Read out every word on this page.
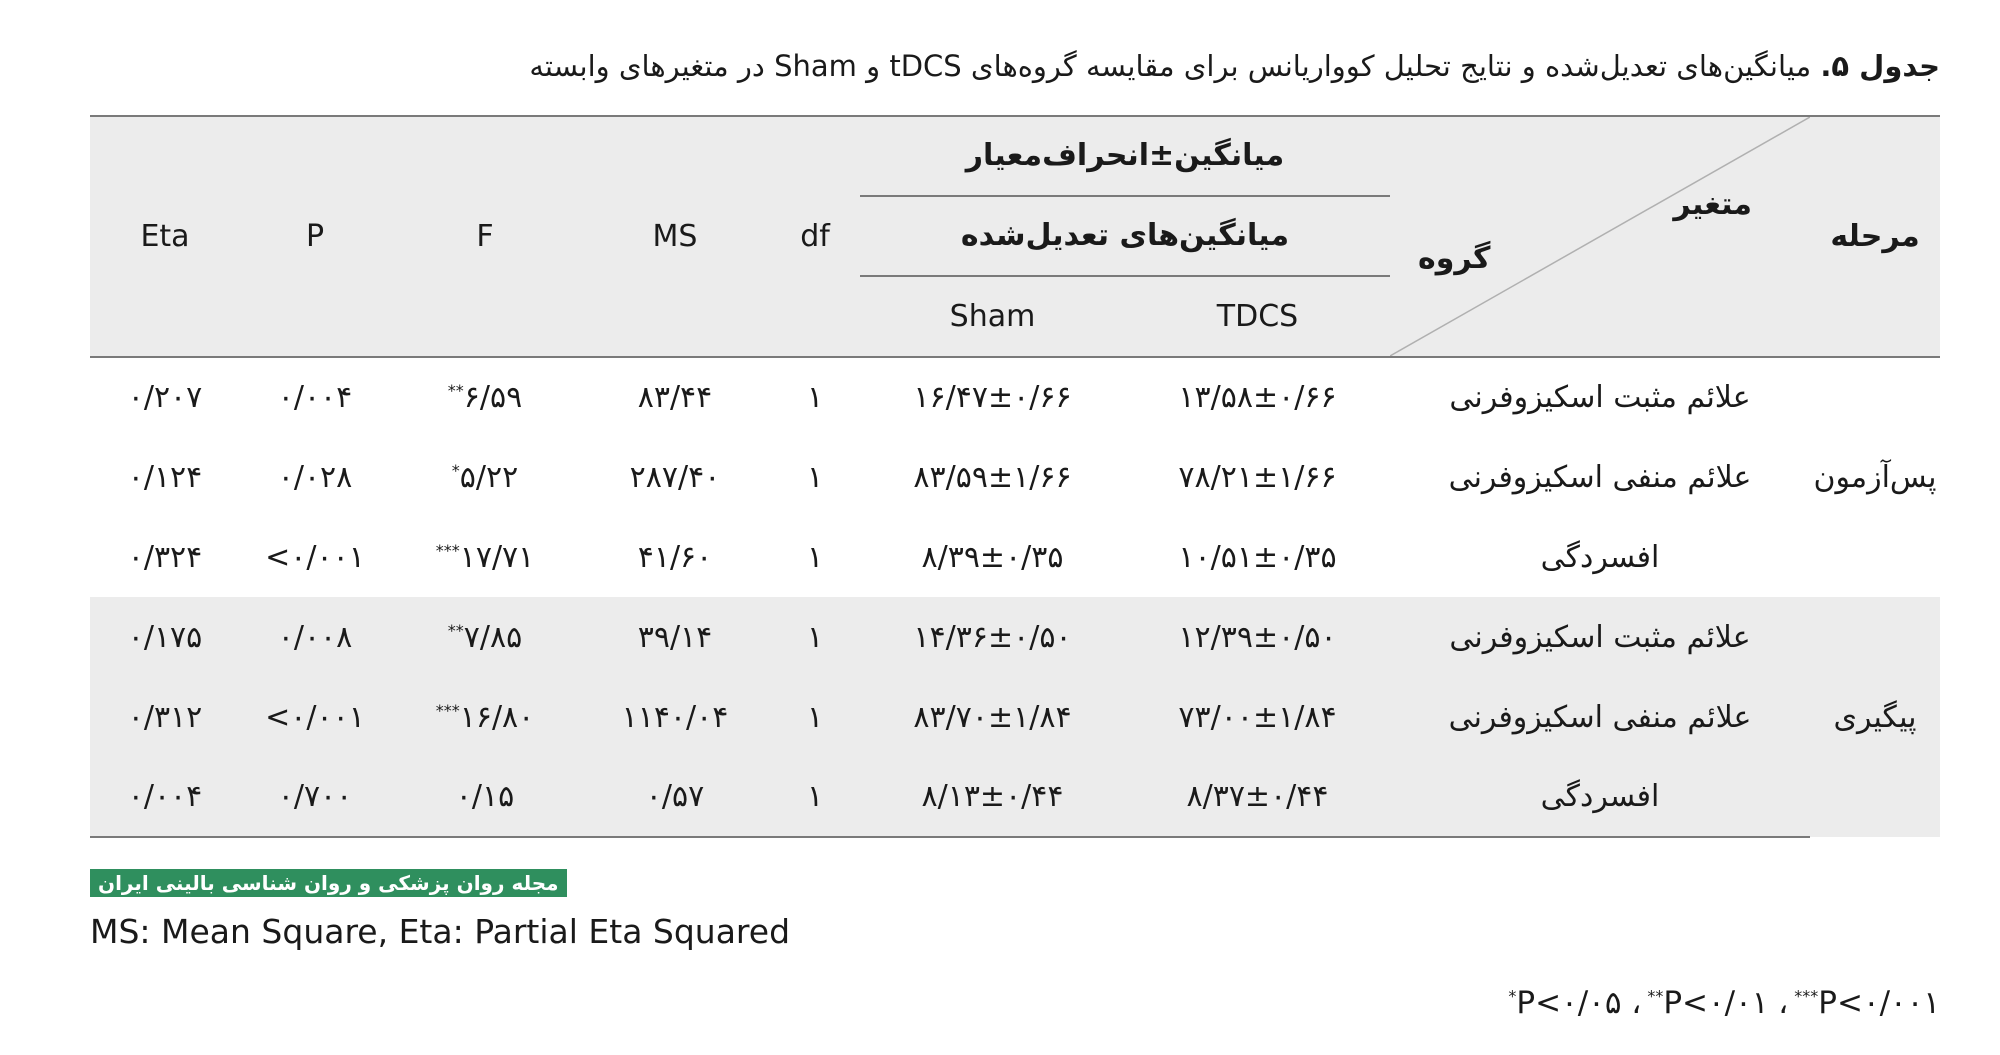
جدول ۵. میانگین‌های تعدیل‌شده و نتایج تحلیل کوواریانس برای مقایسه گروه‌های tDCS و Sham در متغیرهای وابسته
مرحله	متغیر
گروه	میانگین±انحراف‌معیار		df	MS	F	P	Eta

		میانگین‌های تعدیل‌شده						

		TDCS	Sham					
پس‌آزمون	علائم مثبت اسکیزوفرنی	۱۳/۵۸±۰/۶۶	۱۶/۴۷±۰/۶۶	۱	۸۳/۴۴	۶/۵۹**	۰/۰۰۴	۰/۲۰۷
	علائم منفی اسکیزوفرنی	۷۸/۲۱±۱/۶۶	۸۳/۵۹±۱/۶۶	۱	۲۸۷/۴۰	۵/۲۲*	۰/۰۲۸	۰/۱۲۴
	افسردگی	۱۰/۵۱±۰/۳۵	۸/۳۹±۰/۳۵	۱	۴۱/۶۰	۱۷/۷۱***	<۰/۰۰۱	۰/۳۲۴
پیگیری	علائم مثبت اسکیزوفرنی	۱۲/۳۹±۰/۵۰	۱۴/۳۶±۰/۵۰	۱	۳۹/۱۴	۷/۸۵**	۰/۰۰۸	۰/۱۷۵
	علائم منفی اسکیزوفرنی	۷۳/۰۰±۱/۸۴	۸۳/۷۰±۱/۸۴	۱	۱۱۴۰/۰۴	۱۶/۸۰***	<۰/۰۰۱	۰/۳۱۲
	افسردگی	۸/۳۷±۰/۴۴	۸/۱۳±۰/۴۴	۱	۰/۵۷	۰/۱۵	۰/۷۰۰	۰/۰۰۴
مجله روان پزشکی و روان شناسی بالینی ایران
MS: Mean Square, Eta: Partial Eta Squared
P<۰/۰۰۱***، P<۰/۰۱**، P<۰/۰۵*
